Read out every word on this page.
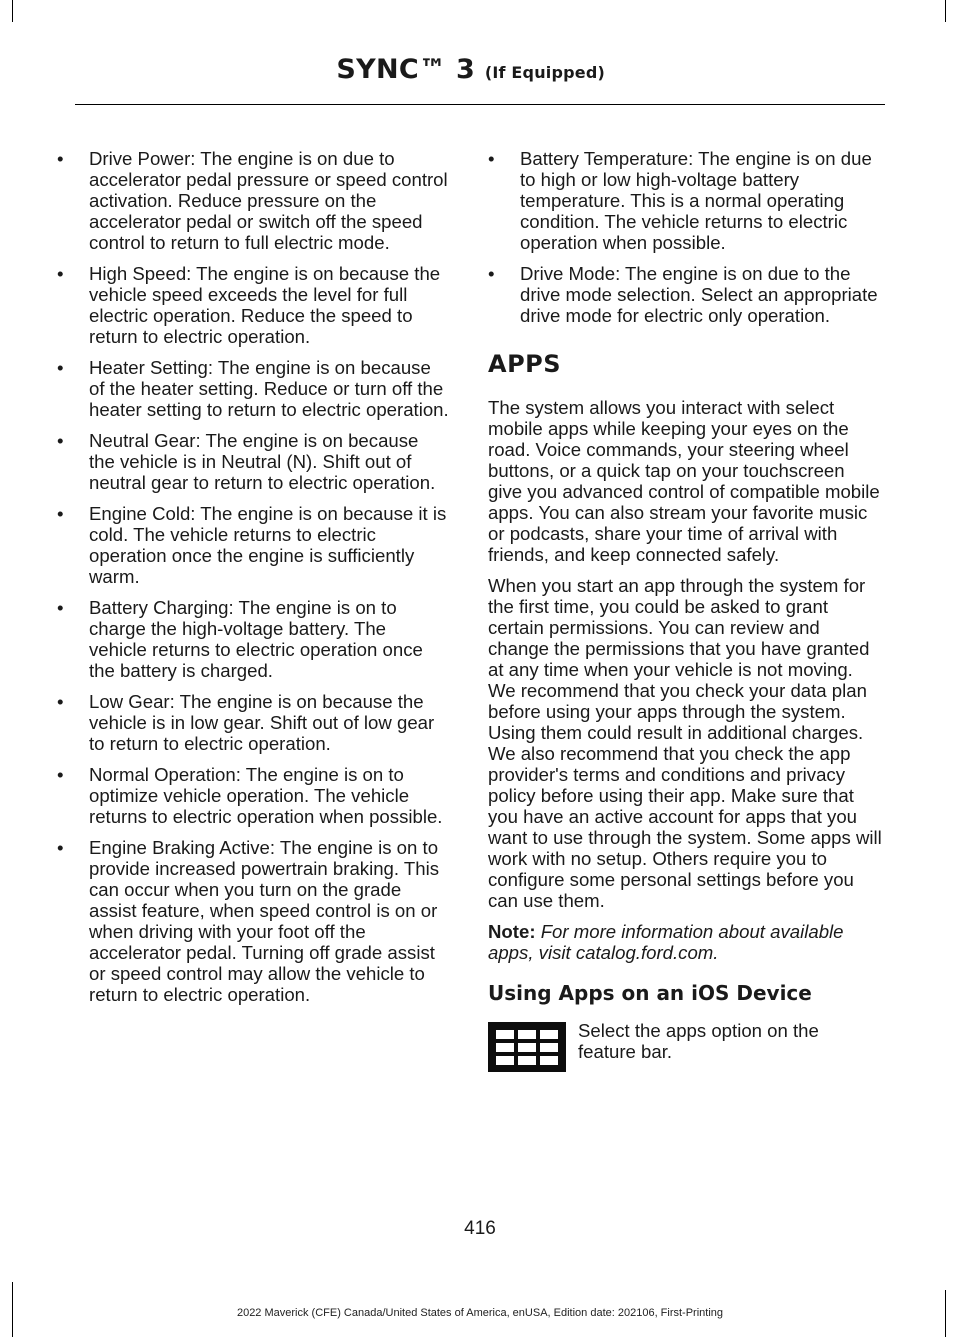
SYNC™ 3 (If Equipped)
• Drive Power: The engine is on due to accelerator pedal pressure or speed control activation. Reduce pressure on the accelerator pedal or switch off the speed control to return to full electric mode.
• High Speed: The engine is on because the vehicle speed exceeds the level for full electric operation. Reduce the speed to return to electric operation.
• Heater Setting: The engine is on because of the heater setting. Reduce or turn off the heater setting to return to electric operation.
• Neutral Gear: The engine is on because the vehicle is in Neutral (N). Shift out of neutral gear to return to electric operation.
• Engine Cold: The engine is on because it is cold. The vehicle returns to electric operation once the engine is sufficiently warm.
• Battery Charging: The engine is on to charge the high-voltage battery. The vehicle returns to electric operation once the battery is charged.
• Low Gear: The engine is on because the vehicle is in low gear. Shift out of low gear to return to electric operation.
• Normal Operation: The engine is on to optimize vehicle operation. The vehicle returns to electric operation when possible.
• Engine Braking Active: The engine is on to provide increased powertrain braking. This can occur when you turn on the grade assist feature, when speed control is on or when driving with your foot off the accelerator pedal. Turning off grade assist or speed control may allow the vehicle to return to electric operation.
• Battery Temperature: The engine is on due to high or low high-voltage battery temperature. This is a normal operating condition. The vehicle returns to electric operation when possible.
• Drive Mode: The engine is on due to the drive mode selection. Select an appropriate drive mode for electric only operation.
APPS

The system allows you interact with select mobile apps while keeping your eyes on the road. Voice commands, your steering wheel buttons, or a quick tap on your touchscreen give you advanced control of compatible mobile apps. You can also stream your favorite music or podcasts, share your time of arrival with friends, and keep connected safely.

When you start an app through the system for the first time, you could be asked to grant certain permissions. You can review and change the permissions that you have granted at any time when your vehicle is not moving. We recommend that you check your data plan before using your apps through the system. Using them could result in additional charges. We also recommend that you check the app provider's terms and conditions and privacy policy before using their app. Make sure that you have an active account for apps that you want to use through the system. Some apps will work with no setup. Others require you to configure some personal settings before you can use them.

Note: For more information about available apps, visit catalog.ford.com.

Using Apps on an iOS Device
Select the apps option on the feature bar.
416
2022 Maverick (CFE) Canada/United States of America, enUSA, Edition date: 202106, First-Printing
